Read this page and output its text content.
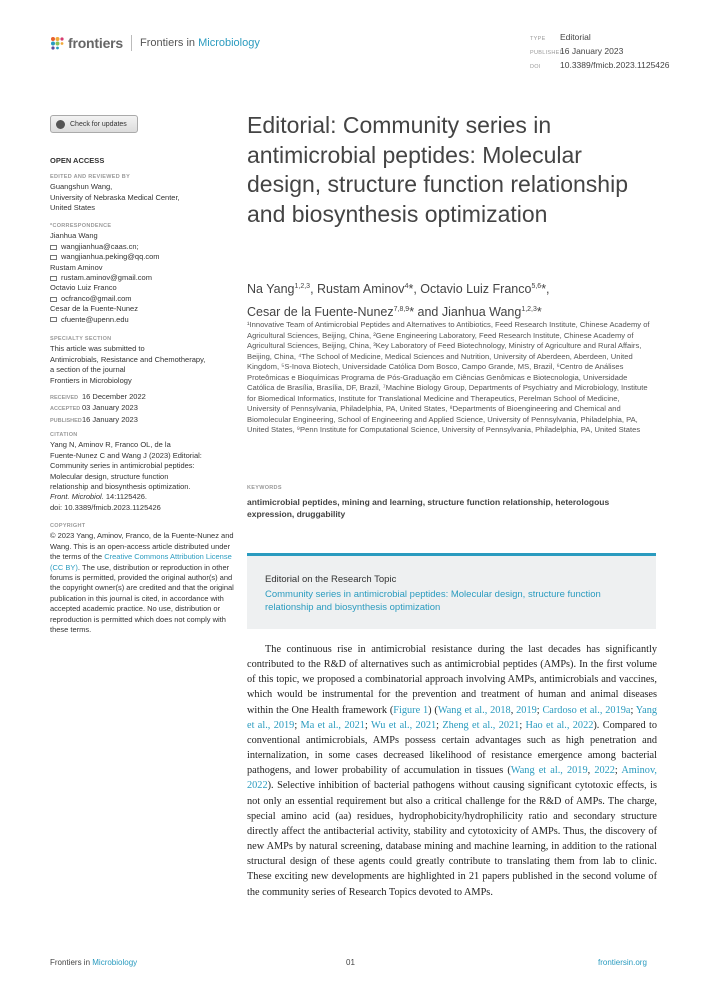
frontiers Frontiers in Microbiology	TYPE Editorial
PUBLISHED16 January 2023
DOI 10.3389/fmicb.2023.1125426
Check for updates
OPEN ACCESS
EDITED AND REVIEWED BY
Guangshun Wang,
University of Nebraska Medical Center,
United States
*CORRESPONDENCE
Jianhua Wang
wangjianhua@caas.cn;
wangjianhua.peking@qq.com
Rustam Aminov
rustam.aminov@gmail.com
Octavio Luiz Franco
ocfranco@gmail.com
Cesar de la Fuente-Nunez
cfuente@upenn.edu
SPECIALTY SECTION
This article was submitted to
Antimicrobials, Resistance and Chemotherapy,
a section of the journal
Frontiers in Microbiology
RECEIVED 16 December 2022
ACCEPTED 03 January 2023
PUBLISHED16 January 2023
CITATION
Yang N, Aminov R, Franco OL, de la
Fuente-Nunez C and Wang J (2023) Editorial:
Community series in antimicrobial peptides:
Molecular design, structure function
relationship and biosynthesis optimization.
Front. Microbiol. 14:1125426.
doi: 10.3389/fmicb.2023.1125426
COPYRIGHT
© 2023 Yang, Aminov, Franco, de la Fuente-Nunez and Wang. This is an open-access article distributed under the terms of the Creative Commons Attribution License (CC BY). The use, distribution or reproduction in other forums is permitted, provided the original author(s) and the copyright owner(s) are credited and that the original publication in this journal is cited, in accordance with accepted academic practice. No use, distribution or reproduction is permitted which does not comply with these terms.
Editorial: Community series in antimicrobial peptides: Molecular design, structure function relationship and biosynthesis optimization
Na Yang$^{1,2,3}$, Rustam Aminov$^4$*, Octavio Luiz Franco$^{5,6}$*,
Cesar de la Fuente-Nunez$^{7,8,9}$* and Jianhua Wang$^{1,2,3}$*
¹Innovative Team of Antimicrobial Peptides and Alternatives to Antibiotics, Feed Research Institute, Chinese Academy of Agricultural Sciences, Beijing, China, ²Gene Engineering Laboratory, Feed Research Institute, Chinese Academy of Agricultural Sciences, Beijing, China, ³Key Laboratory of Feed Biotechnology, Ministry of Agriculture and Rural Affairs, Beijing, China, ⁴The School of Medicine, Medical Sciences and Nutrition, University of Aberdeen, Aberdeen, United Kingdom, ⁵S-Inova Biotech, Universidade Católica Dom Bosco, Campo Grande, MS, Brazil, ⁶Centro de Análises Proteômicas e Bioquímicas Programa de Pós-Graduação em Ciências Genômicas e Biotecnologia, Universidade Católica de Brasília, Brasília, DF, Brazil, ⁷Machine Biology Group, Departments of Psychiatry and Microbiology, Institute for Biomedical Informatics, Institute for Translational Medicine and Therapeutics, Perelman School of Medicine, University of Pennsylvania, Philadelphia, PA, United States, ⁸Departments of Bioengineering and Chemical and Biomolecular Engineering, School of Engineering and Applied Science, University of Pennsylvania, Philadelphia, PA, United States, ⁹Penn Institute for Computational Science, University of Pennsylvania, Philadelphia, PA, United States
KEYWORDS
antimicrobial peptides, mining and learning, structure function relationship, heterologous expression, druggability
Editorial on the Research Topic
Community series in antimicrobial peptides: Molecular design, structure function relationship and biosynthesis optimization
The continuous rise in antimicrobial resistance during the last decades has significantly contributed to the R&D of alternatives such as antimicrobial peptides (AMPs). In the first volume of this topic, we proposed a combinatorial approach involving AMPs, antimicrobials and vaccines, which would be instrumental for the prevention and treatment of human and animal diseases within the One Health framework (Figure 1) (Wang et al., 2018, 2019; Cardoso et al., 2019a; Yang et al., 2019; Ma et al., 2021; Wu et al., 2021; Zheng et al., 2021; Hao et al., 2022). Compared to conventional antimicrobials, AMPs possess certain advantages such as high penetration and internalization, in some cases decreased likelihood of resistance emergence among bacterial pathogens, and lower probability of accumulation in tissues (Wang et al., 2019, 2022; Aminov, 2022). Selective inhibition of bacterial pathogens without causing significant cytotoxic effects, is not only an essential requirement but also a critical challenge for the R&D of AMPs. The charge, special amino acid (aa) residues, hydrophobicity/hydrophilicity ratio and secondary structure directly affect the antibacterial activity, stability and cytotoxicity of AMPs. Thus, the discovery of new AMPs by natural screening, database mining and machine learning, in addition to the rational structural design of these agents could greatly contribute to translating them from lab to clinic. These exciting new developments are highlighted in 21 papers published in the second volume of the community series of Research Topics devoted to AMPs.
Frontiers in Microbiology	01	frontiersin.org
